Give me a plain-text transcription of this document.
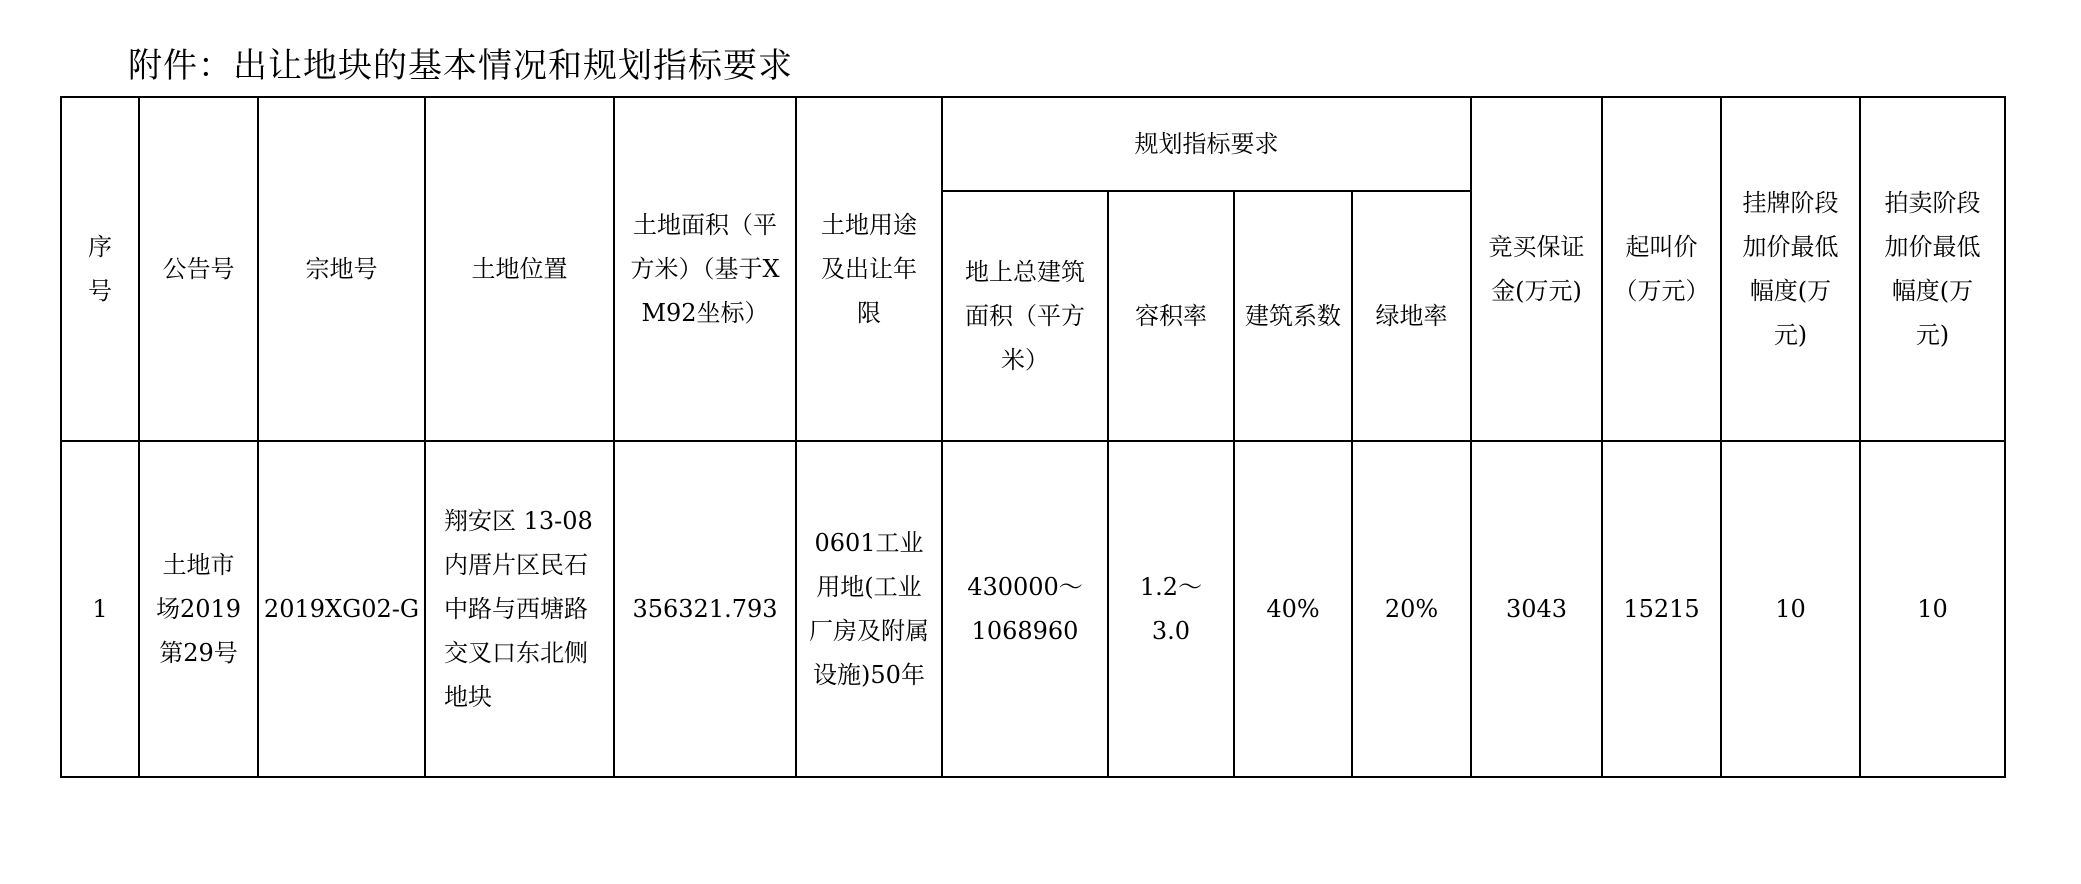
附件：出让地块的基本情况和规划指标要求
序号	公告号	宗地号	土地位置	土地面积（平方米）（基于XM92坐标）	土地用途及出让年限	规划指标要求				竞买保证金(万元)	起叫价（万元）	挂牌阶段加价最低幅度(万元)	拍卖阶段加价最低幅度(万元)
						地上总建筑面积（平方米）	容积率	建筑系数	绿地率				
1	土地市场2019第29号	2019XG02-G	翔安区 13-08内厝片区民石中路与西塘路交叉口东北侧地块	356321.793	0601工业用地(工业厂房及附属设施)50年	430000～1068960	1.2～3.0	40%	20%	3043	15215	10	10
